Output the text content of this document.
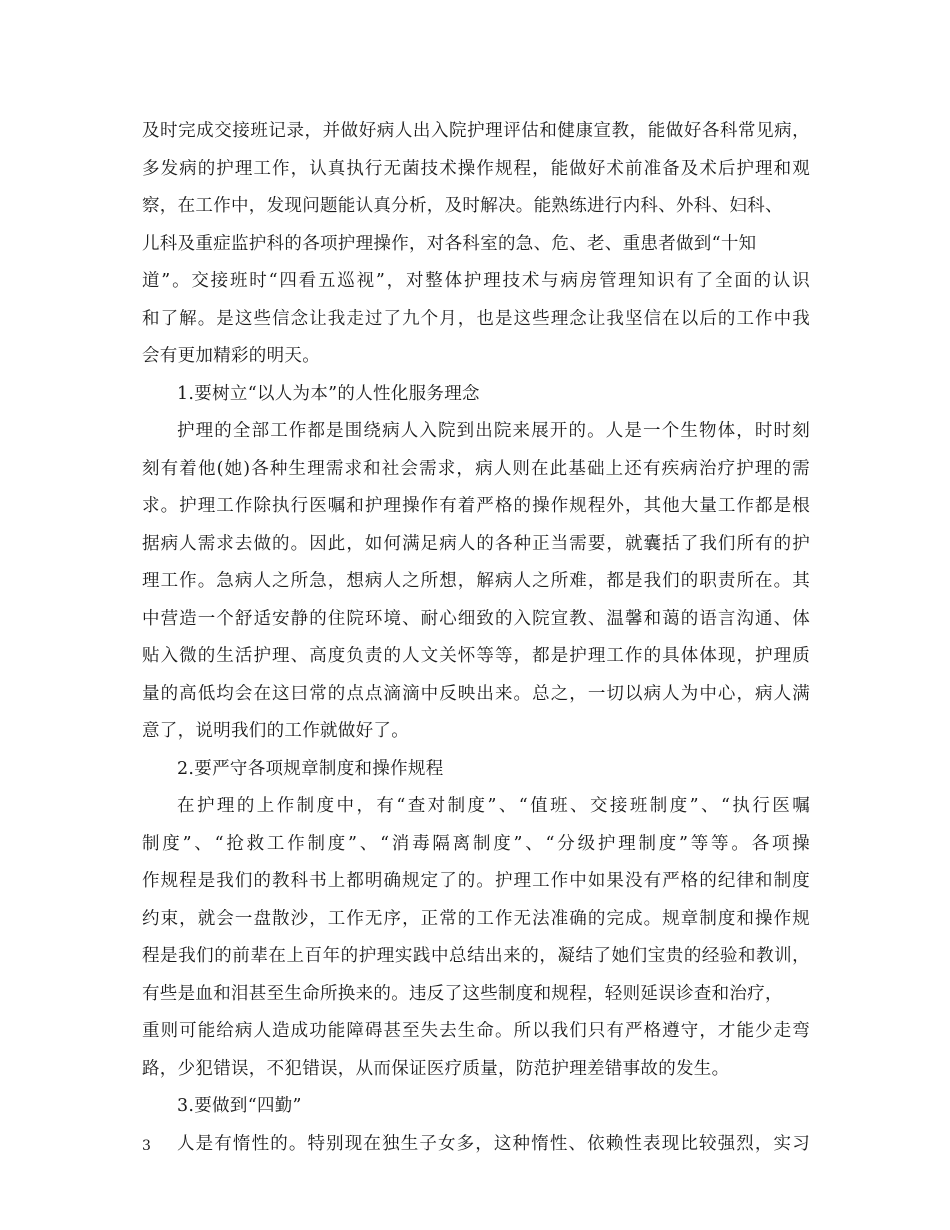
及时完成交接班记录，并做好病人出入院护理评估和健康宣教，能做好各科常见病，
多发病的护理工作，认真执行无菌技术操作规程，能做好术前准备及术后护理和观
察，在工作中，发现问题能认真分析，及时解决。能熟练进行内科、外科、妇科、
儿科及重症监护科的各项护理操作，对各科室的急、危、老、重患者做到“十知
道”。交接班时“四看五巡视”，对整体护理技术与病房管理知识有了全面的认识
和了解。是这些信念让我走过了九个月，也是这些理念让我坚信在以后的工作中我
会有更加精彩的明天。
1.要树立“以人为本”的人性化服务理念
护理的全部工作都是围绕病人入院到出院来展开的。人是一个生物体，时时刻
刻有着他(她)各种生理需求和社会需求，病人则在此基础上还有疾病治疗护理的需
求。护理工作除执行医嘱和护理操作有着严格的操作规程外，其他大量工作都是根
据病人需求去做的。因此，如何满足病人的各种正当需要，就囊括了我们所有的护
理工作。急病人之所急，想病人之所想，解病人之所难，都是我们的职责所在。其
中营造一个舒适安静的住院环境、耐心细致的入院宣教、温馨和蔼的语言沟通、体
贴入微的生活护理、高度负责的人文关怀等等，都是护理工作的具体体现，护理质
量的高低均会在这曰常的点点滴滴中反映出来。总之，一切以病人为中心，病人满
意了，说明我们的工作就做好了。
2.要严守各项规章制度和操作规程
在护理的上作制度中，有“查对制度”、“值班、交接班制度”、“执行医嘱
制度”、“抢救工作制度”、“消毒隔离制度”、“分级护理制度”等等。各项操
作规程是我们的教科书上都明确规定了的。护理工作中如果没有严格的纪律和制度
约束，就会一盘散沙，工作无序，正常的工作无法准确的完成。规章制度和操作规
程是我们的前辈在上百年的护理实践中总结出来的，凝结了她们宝贵的经验和教训，
有些是血和泪甚至生命所换来的。违反了这些制度和规程，轻则延误诊查和治疗，
重则可能给病人造成功能障碍甚至失去生命。所以我们只有严格遵守，才能少走弯
路，少犯错误，不犯错误，从而保证医疗质量，防范护理差错事故的发生。
3.要做到“四勤”
人是有惰性的。特别现在独生子女多，这种惰性、依赖性表现比较强烈，实习
3
